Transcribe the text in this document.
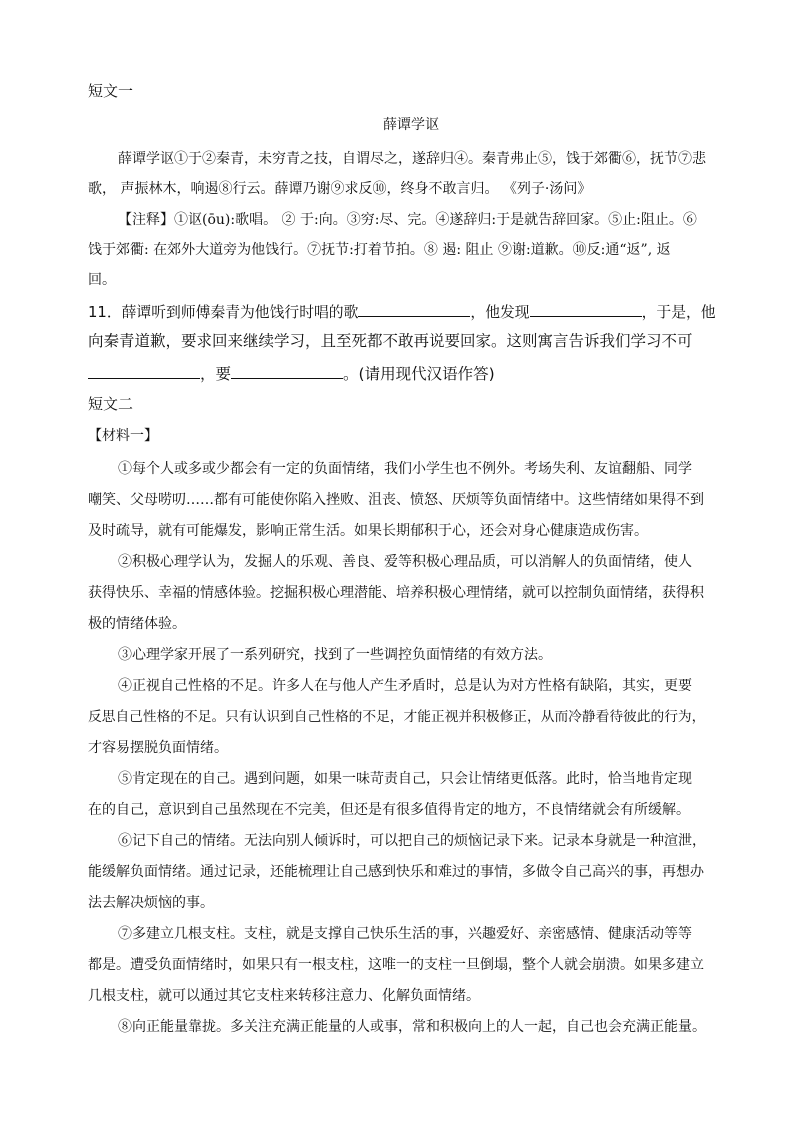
短文一
薛谭学讴
薛谭学讴①于②秦青，未穷青之技，自谓尽之，遂辞归④。秦青弗止⑤，饯于郊衢⑥，抚节⑦悲
歌， 声振林木，响遏⑧行云。薛谭乃谢⑨求反⑩，终身不敢言归。 《列子·汤问》
【注释】①讴(ōu):歌唱。 ② 于:向。③穷:尽、完。④遂辞归:于是就告辞回家。⑤止:阻止。⑥
饯于郊衢: 在郊外大道旁为他饯行。⑦抚节:打着节拍。⑧ 遏: 阻止 ⑨谢:道歉。⑩反:通“返”, 返
回。
11．薛谭听到师傅秦青为他饯行时唱的歌	，他发现	，于是，他
向秦青道歉，要求回来继续学习，且至死都不敢再说要回家。这则寓言告诉我们学习不可
，要	。(请用现代汉语作答)
短文二
【材料一】
①每个人或多或少都会有一定的负面情绪，我们小学生也不例外。考场失利、友谊翻船、同学
嘲笑、父母唠叨……都有可能使你陷入挫败、沮丧、愤怒、厌烦等负面情绪中。这些情绪如果得不到
及时疏导，就有可能爆发，影响正常生活。如果长期郁积于心，还会对身心健康造成伤害。
②积极心理学认为，发掘人的乐观、善良、爱等积极心理品质，可以消解人的负面情绪，使人
获得快乐、幸福的情感体验。挖掘积极心理潜能、培养积极心理情绪，就可以控制负面情绪，获得积
极的情绪体验。
③心理学家开展了一系列研究，找到了一些调控负面情绪的有效方法。
④正视自己性格的不足。许多人在与他人产生矛盾时，总是认为对方性格有缺陷，其实，更要
反思自己性格的不足。只有认识到自己性格的不足，才能正视并积极修正，从而冷静看待彼此的行为，
才容易摆脱负面情绪。
⑤肯定现在的自己。遇到问题，如果一味苛责自己，只会让情绪更低落。此时，恰当地肯定现
在的自己，意识到自己虽然现在不完美，但还是有很多值得肯定的地方，不良情绪就会有所缓解。
⑥记下自己的情绪。无法向别人倾诉时，可以把自己的烦恼记录下来。记录本身就是一种渲泄，
能缓解负面情绪。通过记录，还能梳理让自己感到快乐和难过的事情，多做令自己高兴的事，再想办
法去解决烦恼的事。
⑦多建立几根支柱。支柱，就是支撑自己快乐生活的事，兴趣爱好、亲密感情、健康活动等等
都是。遭受负面情绪时，如果只有一根支柱，这唯一的支柱一旦倒塌，整个人就会崩溃。如果多建立
几根支柱，就可以通过其它支柱来转移注意力、化解负面情绪。
⑧向正能量靠拢。多关注充满正能量的人或事，常和积极向上的人一起，自己也会充满正能量。
